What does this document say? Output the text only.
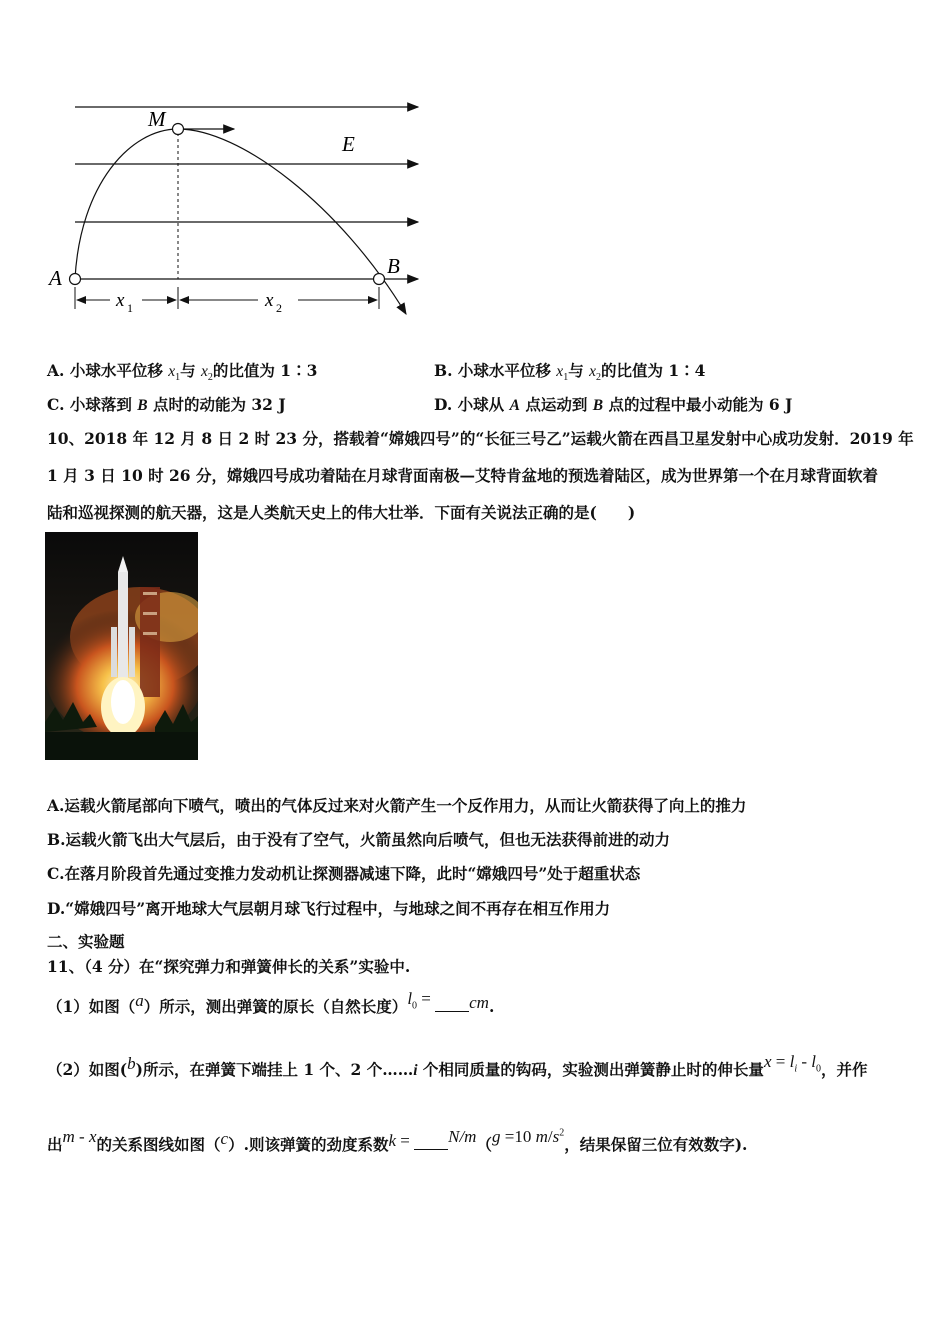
M
E
A	B
x 1	x 2
A. 小球水平位移 $x_1$与 $x_2$的比值为 1∶3	B. 小球水平位移 $x_1$与 $x_2$的比值为 1∶4
C. 小球落到 B 点时的动能为 32 J	D. 小球从 A 点运动到 B 点的过程中最小动能为 6 J
10、2018 年 12 月 8 日 2 时 23 分，搭载着“嫦娥四号”的“长征三号乙”运载火箭在西昌卫星发射中心成功发射．2019 年
1 月 3 日 10 时 26 分，嫦娥四号成功着陆在月球背面南极—艾特肯盆地的预选着陆区，成为世界第一个在月球背面软着
陆和巡视探测的航天器，这是人类航天史上的伟大壮举．下面有关说法正确的是(　　)
A.运载火箭尾部向下喷气，喷出的气体反过来对火箭产生一个反作用力，从而让火箭获得了向上的推力
B.运载火箭飞出大气层后，由于没有了空气，火箭虽然向后喷气，但也无法获得前进的动力
C.在落月阶段首先通过变推力发动机让探测器减速下降，此时“嫦娥四号”处于超重状态
D.“嫦娥四号”离开地球大气层朝月球飞行过程中，与地球之间不再存在相互作用力
二、实验题
11、（4 分）在“探究弹力和弹簧伸长的关系”实验中.
（1）如图（a）所示，测出弹簧的原长（自然长度）$l_0$ = cm.
（2）如图(b)所示，在弹簧下端挂上 1 个、2 个……i 个相同质量的钩码，实验测出弹簧静止时的伸长量$x = l_i - l_0$，并作
出m - x的关系图线如图（c）.则该弹簧的劲度系数k = N/m（g =10 $m/s^2$，结果保留三位有效数字).
